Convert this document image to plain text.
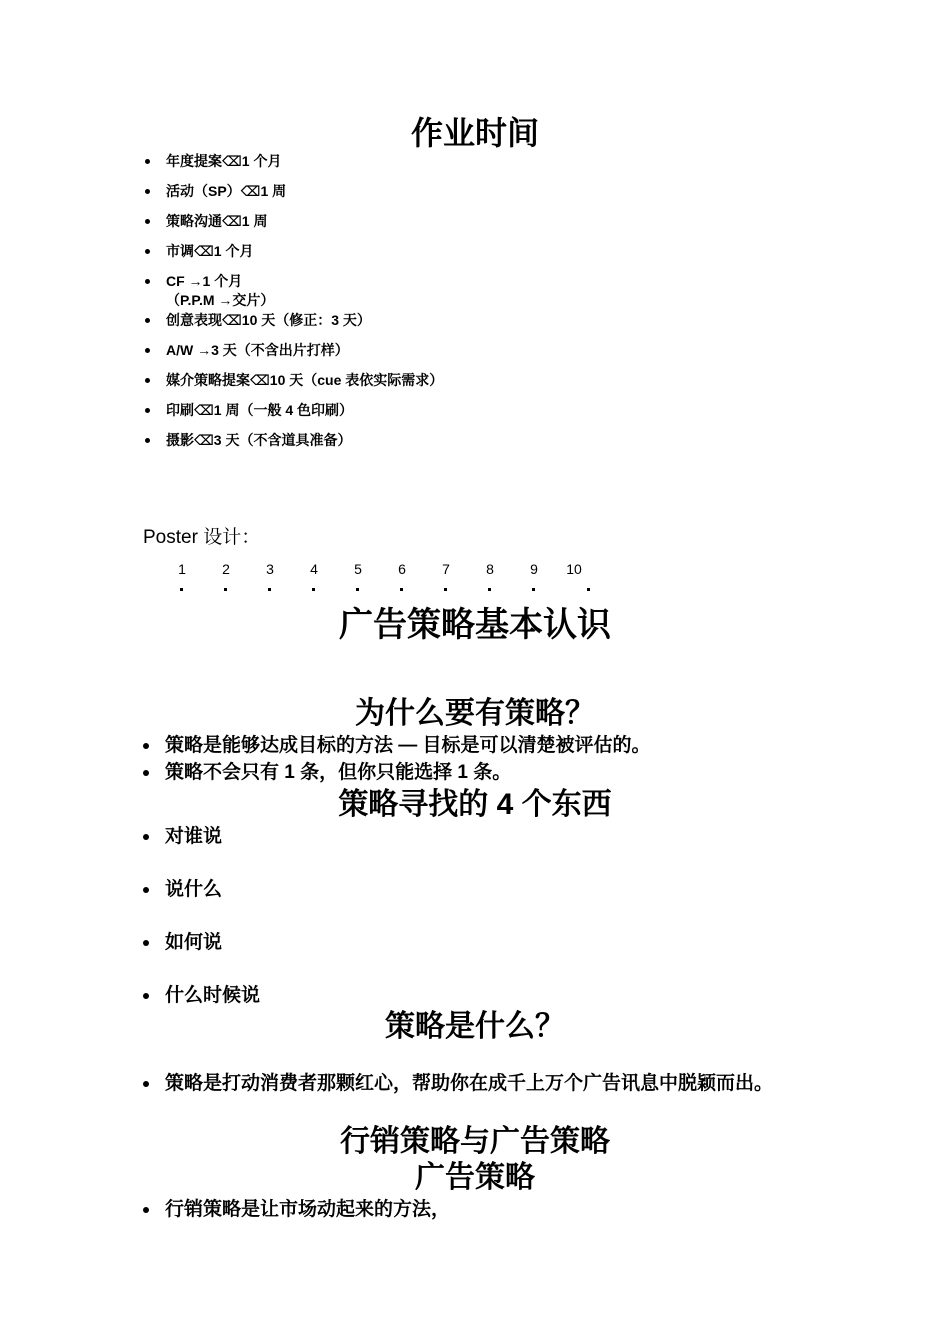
作业时间
年度提案⌫1 个月
活动（SP）⌫1 周
策略沟通⌫1 周
市调⌫1 个月
CF →1 个月
（P.P.M →交片）
创意表现⌫10 天（修正：3 天）
A/W →3 天（不含出片打样）
媒介策略提案⌫10 天（cue 表依实际需求）
印刷⌫1 周（一般 4 色印刷）
摄影⌫3 天（不含道具准备）

Poster 设计：

1	2	3	4	5	6	7	8	9	10
广告策略基本认识
为什么要有策略？
策略是能够达成目标的方法 — 目标是可以清楚被评估的。
策略不会只有 1 条，但你只能选择 1 条。
策略寻找的 4 个东西
对谁说
说什么
如何说
什么时候说
策略是什么？
策略是打动消费者那颗红心，帮助你在成千上万个广告讯息中脱颖而出。
行销策略与广告策略
广告策略
行销策略是让市场动起来的方法，
